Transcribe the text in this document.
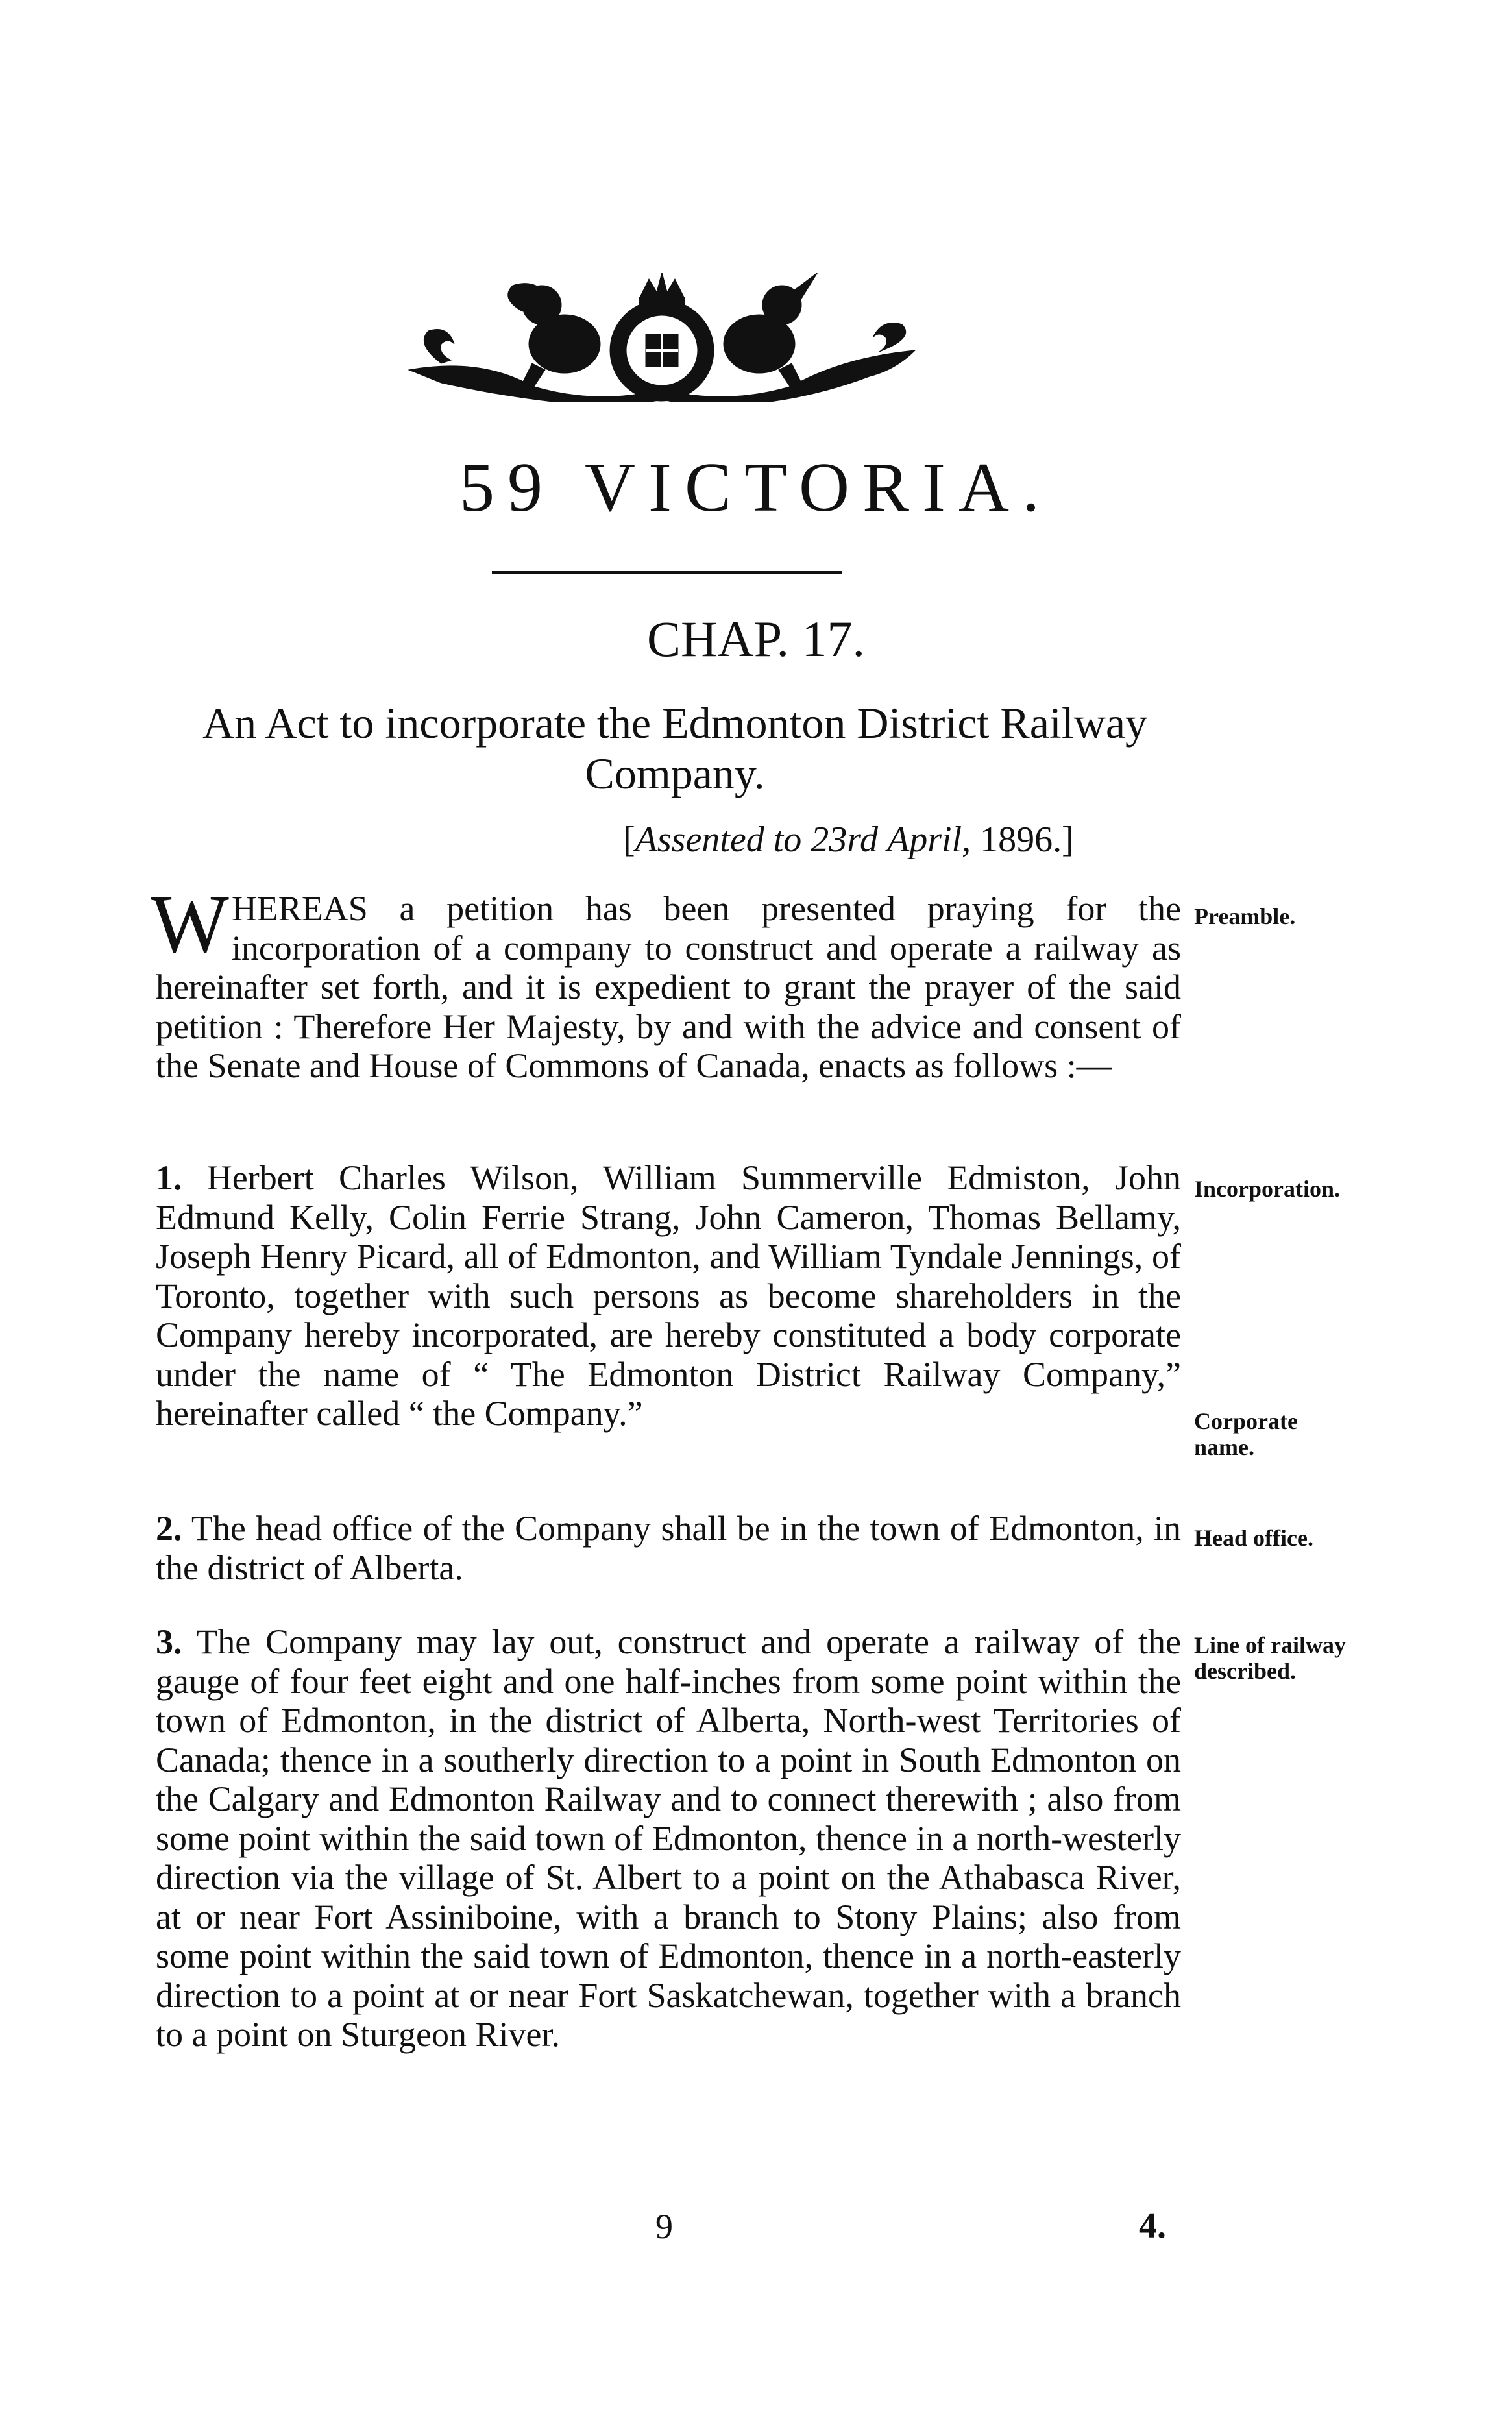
59 VICTORIA.
CHAP. 17.
An Act to incorporate the Edmonton District Railway Company.
[Assented to 23rd April, 1896.]

WHEREAS a petition has been presented praying for the incorporation of a company to construct and operate a railway as hereinafter set forth, and it is expedient to grant the prayer of the said petition : Therefore Her Majesty, by and with the advice and consent of the Senate and House of Commons of Canada, enacts as follows :—

Preamble.

1. Herbert Charles Wilson, William Summerville Edmiston, John Edmund Kelly, Colin Ferrie Strang, John Cameron, Thomas Bellamy, Joseph Henry Picard, all of Edmonton, and William Tyndale Jennings, of Toronto, together with such persons as become shareholders in the Company hereby incorporated, are hereby constituted a body corporate under the name of “ The Edmonton District Railway Company,” hereinafter called “ the Company.”

Incorporation.
Corporate name.

2. The head office of the Company shall be in the town of Edmonton, in the district of Alberta.

Head office.

3. The Company may lay out, construct and operate a railway of the gauge of four feet eight and one half-inches from some point within the town of Edmonton, in the district of Alberta, North-west Territories of Canada; thence in a southerly direction to a point in South Edmonton on the Calgary and Edmonton Railway and to connect therewith ; also from some point within the said town of Edmonton, thence in a north-westerly direction via the village of St. Albert to a point on the Athabasca River, at or near Fort Assiniboine, with a branch to Stony Plains; also from some point within the said town of Edmonton, thence in a north-easterly direction to a point at or near Fort Saskatchewan, together with a branch to a point on Sturgeon River.

Line of railway described.
9	4.
